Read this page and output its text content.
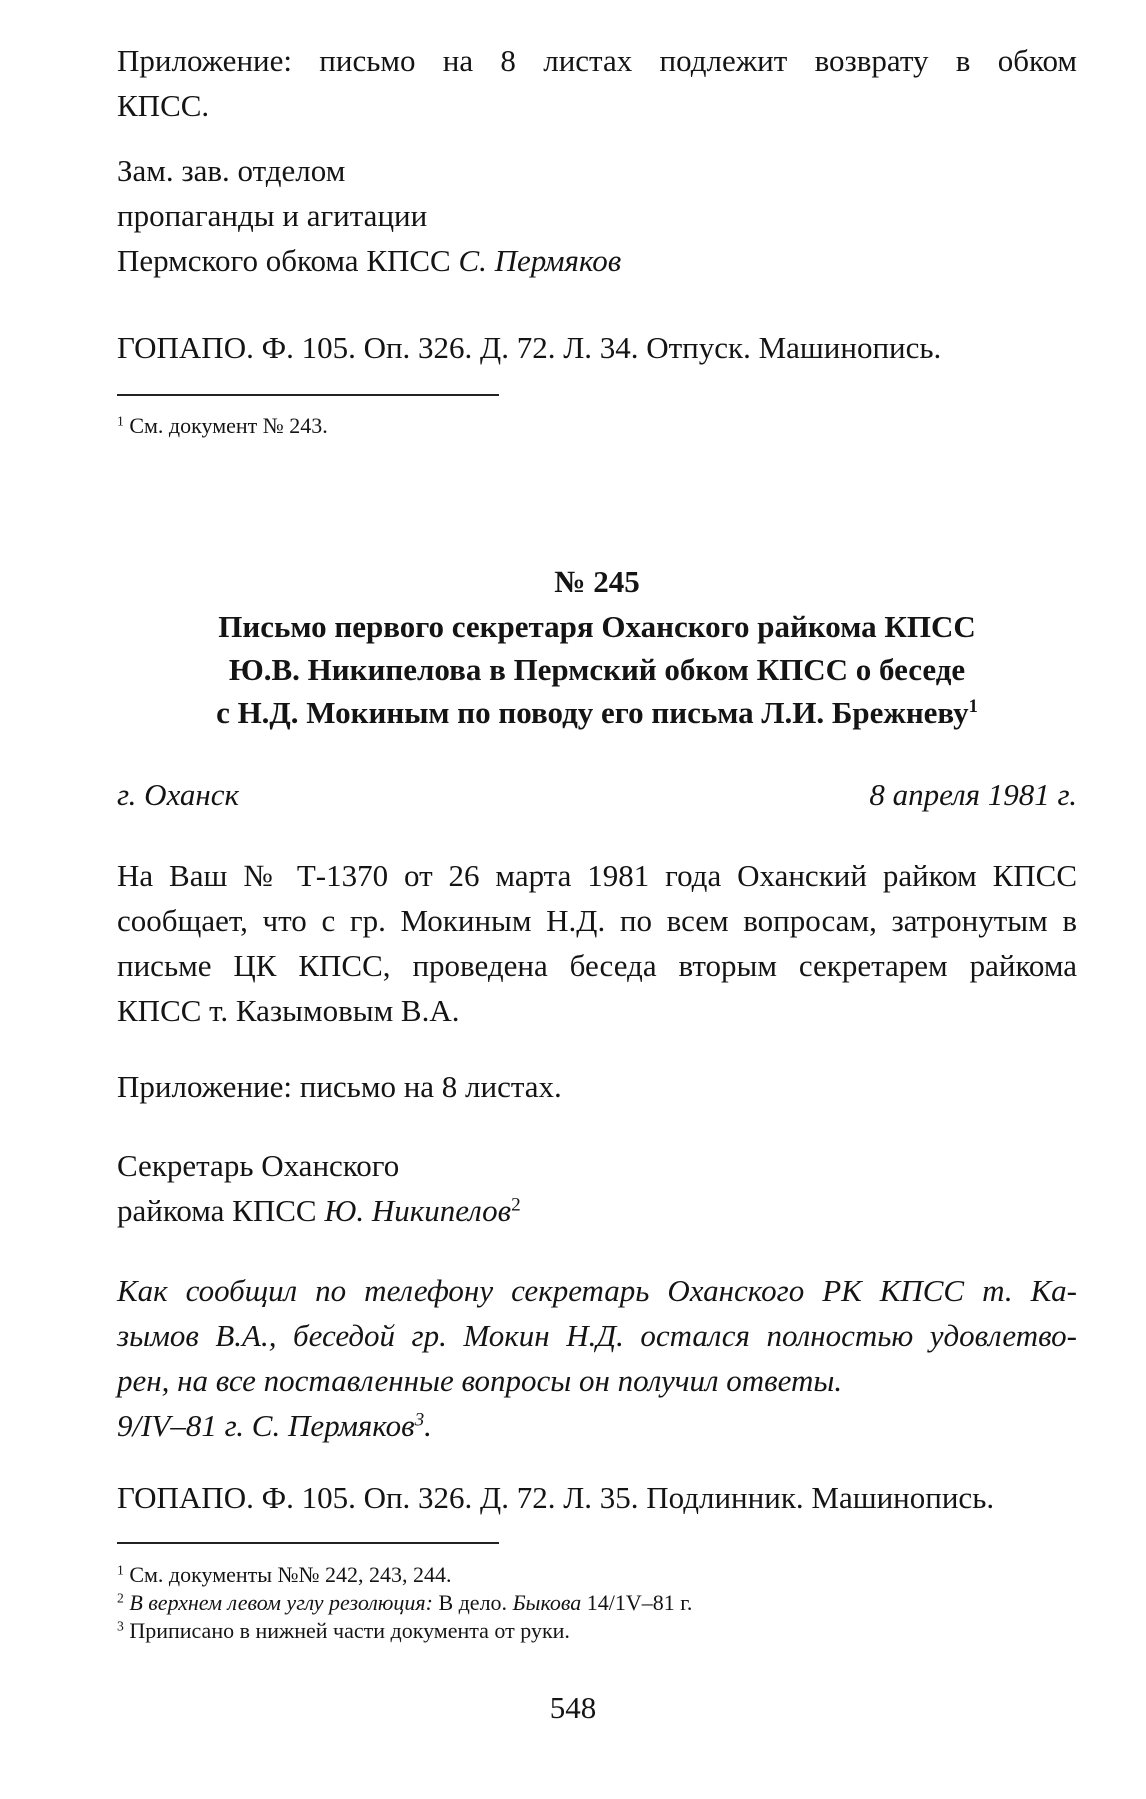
Приложение: письмо на 8 листах подлежит возврату в обком

КПСС.

Зам. зав. отделом

пропаганды и агитации

Пермского обкома КПСС С. Пермяков

ГОПАПО. Ф. 105. Оп. 326. Д. 72. Л. 34. Отпуск. Машинопись.

$^1$ См. документ № 243.

№ 245

Письмо первого секретаря Оханского райкома КПСС

Ю.В. Никипелова в Пермский обком КПСС о беседе

с Н.Д. Мокиным по поводу его письма Л.И. Брежневу$^1$

г. Оханск	8 апреля 1981 г.

На Ваш № Т-1370 от 26 марта 1981 года Оханский райком КПСС

сообщает, что с гр. Мокиным Н.Д. по всем вопросам, затронутым в

письме ЦК КПСС, проведена беседа вторым секретарем райкома

КПСС т. Казымовым В.А.

Приложение: письмо на 8 листах.

Секретарь Оханского

райкома КПСС Ю. Никипелов$^2$

Как сообщил по телефону секретарь Оханского РК КПСС т. Ка-

зымов В.А., беседой гр. Мокин Н.Д. остался полностью удовлетво-

рен, на все поставленные вопросы он получил ответы.

9/IV–81 г. С. Пермяков$^3$.

ГОПАПО. Ф. 105. Оп. 326. Д. 72. Л. 35. Подлинник. Машинопись.

$^1$ См. документы №№ 242, 243, 244.

$^2$ В верхнем левом углу резолюция: В дело. Быкова 14/1V–81 г.

$^3$ Приписано в нижней части документа от руки.

548
